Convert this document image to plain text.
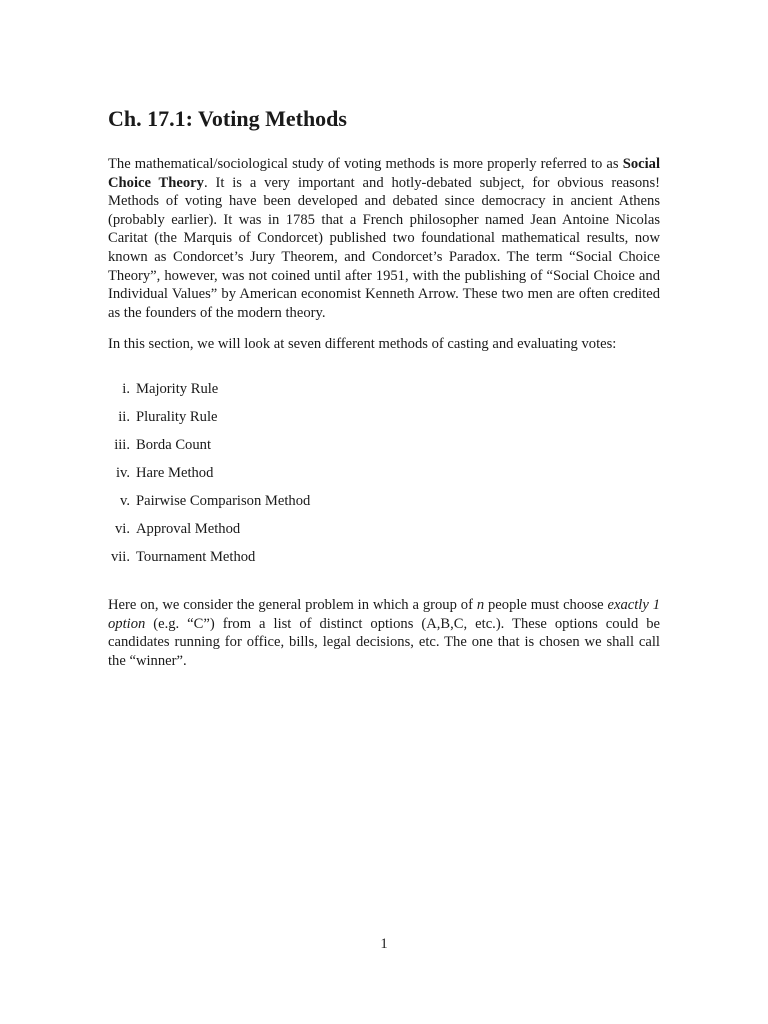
Ch. 17.1: Voting Methods

The mathematical/sociological study of voting methods is more properly referred to as Social Choice Theory. It is a very important and hotly-debated subject, for obvious reasons! Methods of voting have been developed and debated since democracy in ancient Athens (probably earlier). It was in 1785 that a French philosopher named Jean Antoine Nicolas Caritat (the Marquis of Condorcet) published two foundational mathematical results, now known as Condorcet’s Jury Theorem, and Condorcet’s Paradox. The term “Social Choice Theory”, however, was not coined until after 1951, with the publishing of “Social Choice and Individual Values” by American economist Kenneth Arrow. These two men are often credited as the founders of the modern theory.

In this section, we will look at seven different methods of casting and evaluating votes:

i. Majority Rule
ii. Plurality Rule
iii. Borda Count
iv. Hare Method
v. Pairwise Comparison Method
vi. Approval Method
vii. Tournament Method

Here on, we consider the general problem in which a group of n people must choose exactly 1 option (e.g. “C”) from a list of distinct options (A,B,C, etc.). These options could be candidates running for office, bills, legal decisions, etc. The one that is chosen we shall call the “winner”.

1
